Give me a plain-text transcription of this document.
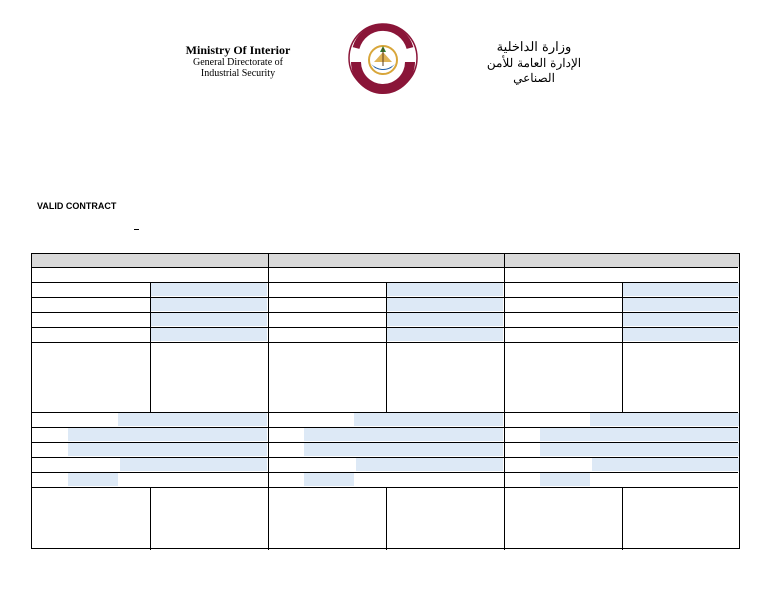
Ministry Of Interior
General Directorate of
Industrial Security
وزارة الداخلية
الإدارة العامة للأمن الصناعي
VALID CONTRACT
